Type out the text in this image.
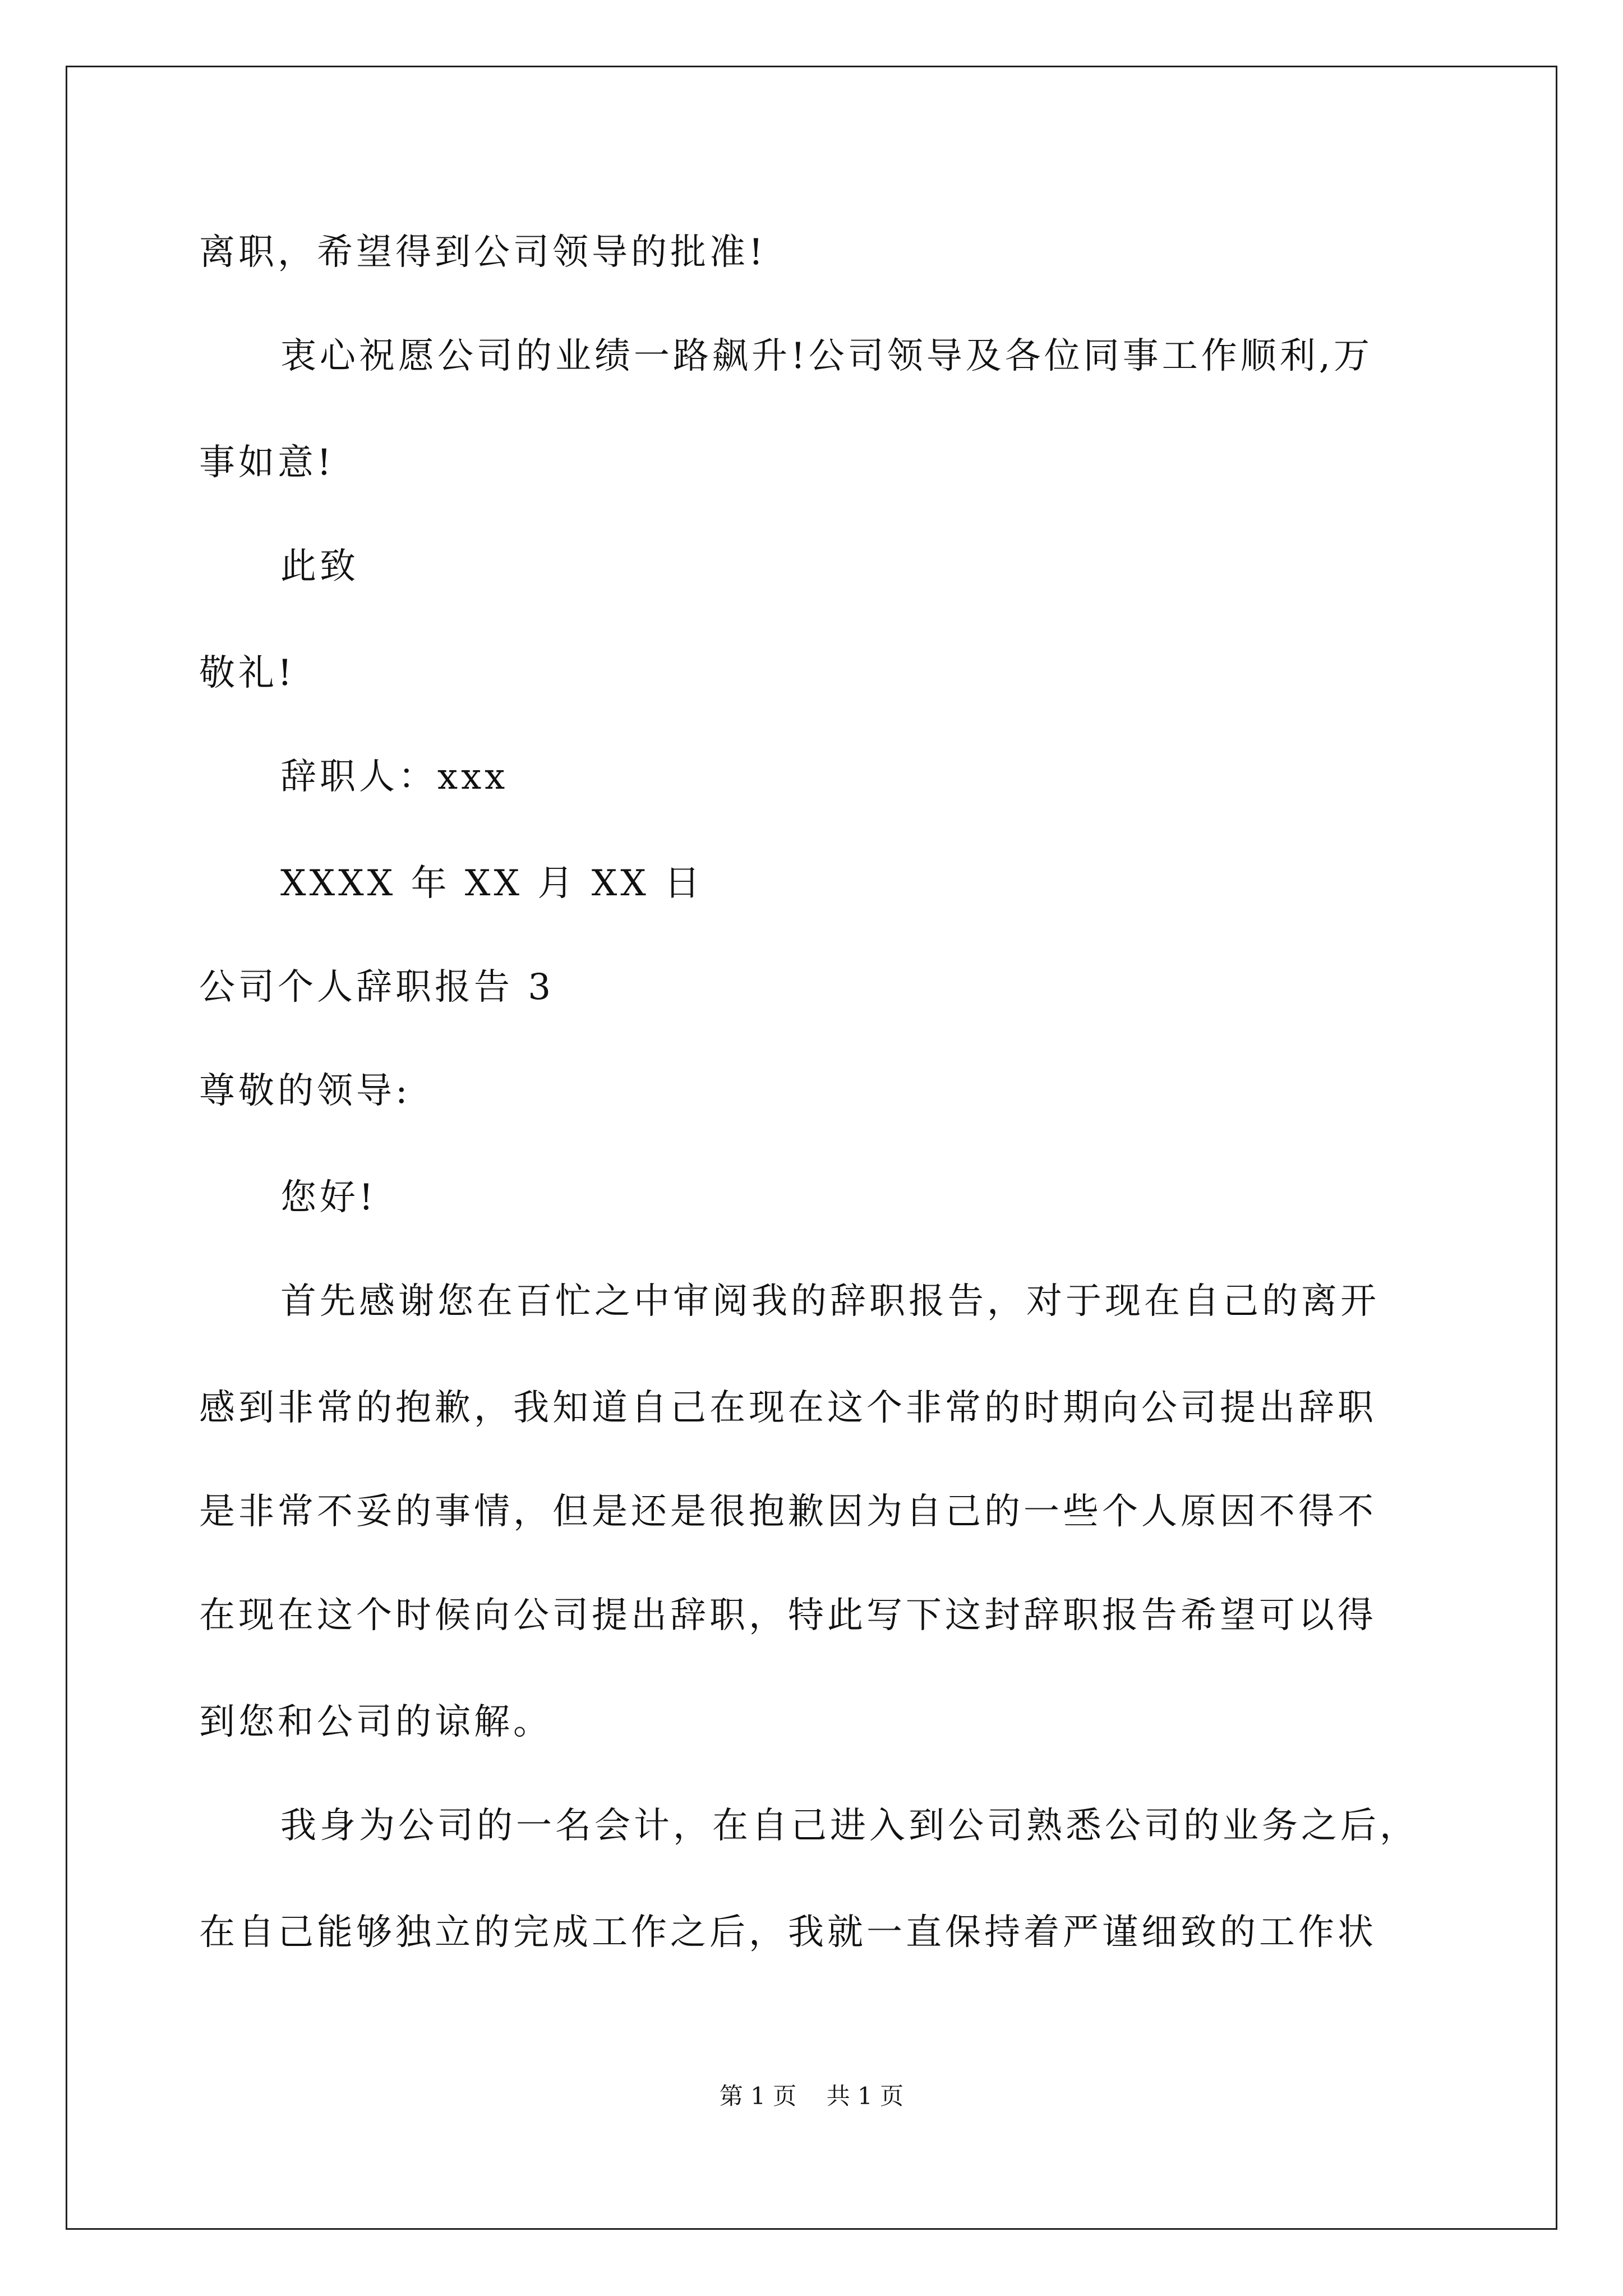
离职，希望得到公司领导的批准!
衷心祝愿公司的业绩一路飙升!公司领导及各位同事工作顺利,万
事如意!
此致
敬礼!
辞职人：xxx
XXXX 年 XX 月 XX 日
公司个人辞职报告 3
尊敬的领导:
您好!
首先感谢您在百忙之中审阅我的辞职报告，对于现在自己的离开
感到非常的抱歉，我知道自己在现在这个非常的时期向公司提出辞职
是非常不妥的事情，但是还是很抱歉因为自己的一些个人原因不得不
在现在这个时候向公司提出辞职，特此写下这封辞职报告希望可以得
到您和公司的谅解。
我身为公司的一名会计，在自己进入到公司熟悉公司的业务之后，
在自己能够独立的完成工作之后，我就一直保持着严谨细致的工作状
第 1 页    共 1 页
